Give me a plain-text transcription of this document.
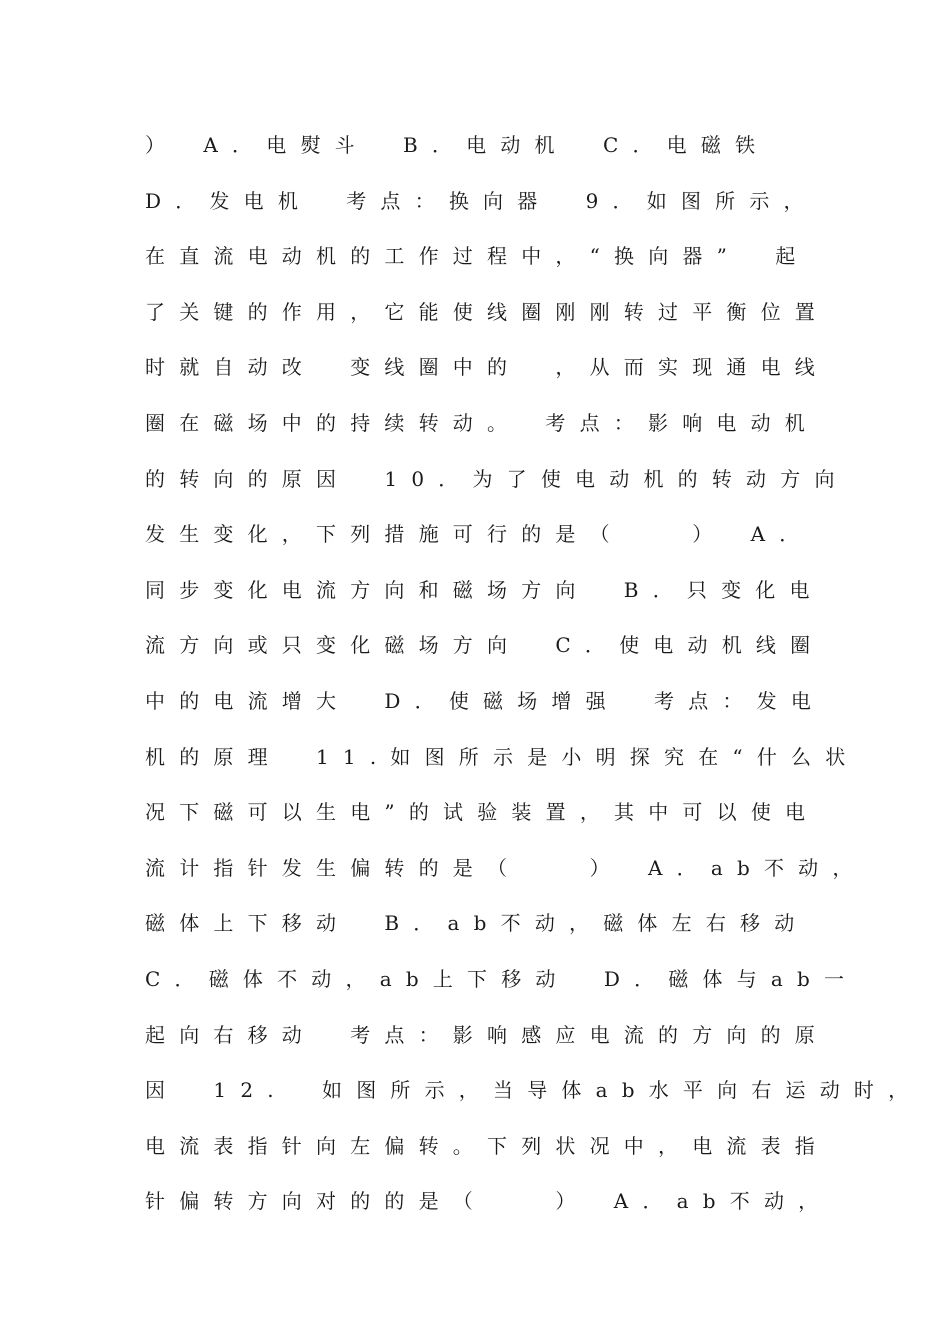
）　A．电熨斗　B．电动机　C．电磁铁
D．发电机　考点：换向器　9．如图所示，
在直流电动机的工作过程中，“换向器”　起
了关键的作用，它能使线圈刚刚转过平衡位置
时就自动改　变线圈中的　，从而实现通电线
圈在磁场中的持续转动。　考点：影响电动机
的转向的原因　10．为了使电动机的转动方向
发生变化，下列措施可行的是（　　）　A．
同步变化电流方向和磁场方向　B．只变化电
流方向或只变化磁场方向　C．使电动机线圈
中的电流增大　D．使磁场增强　考点：发电
机的原理　11.如图所示是小明探究在“什么状
况下磁可以生电”的试验装置，其中可以使电
流计指针发生偏转的是（　　）　A．ab不动，
磁体上下移动　B．ab不动，磁体左右移动
C．磁体不动，ab上下移动　D．磁体与ab一
起向右移动　考点：影响感应电流的方向的原
因　12.　如图所示，当导体ab水平向右运动时，
电流表指针向左偏转。下列状况中，电流表指
针偏转方向对的的是（　　）　A．ab不动，
